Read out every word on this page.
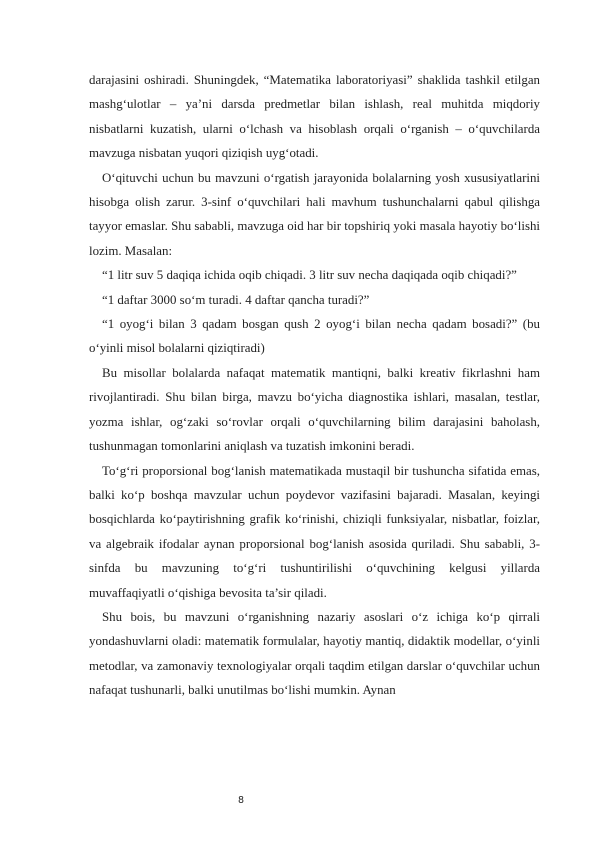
darajasini oshiradi. Shuningdek, “Matematika laboratoriyasi” shaklida tashkil etilgan mashg‘ulotlar – ya’ni darsda predmetlar bilan ishlash, real muhitda miqdoriy nisbatlarni kuzatish, ularni o‘lchash va hisoblash orqali o‘rganish – o‘quvchilarda mavzuga nisbatan yuqori qiziqish uyg‘otadi.

O‘qituvchi uchun bu mavzuni o‘rgatish jarayonida bolalarning yosh xususiyatlarini hisobga olish zarur. 3-sinf o‘quvchilari hali mavhum tushunchalarni qabul qilishga tayyor emaslar. Shu sababli, mavzuga oid har bir topshiriq yoki masala hayotiy bo‘lishi lozim. Masalan:

“1 litr suv 5 daqiqa ichida oqib chiqadi. 3 litr suv necha daqiqada oqib chiqadi?”

“1 daftar 3000 so‘m turadi. 4 daftar qancha turadi?”

“1 oyog‘i bilan 3 qadam bosgan qush 2 oyog‘i bilan necha qadam bosadi?” (bu o‘yinli misol bolalarni qiziqtiradi)

Bu misollar bolalarda nafaqat matematik mantiqni, balki kreativ fikrlashni ham rivojlantiradi. Shu bilan birga, mavzu bo‘yicha diagnostika ishlari, masalan, testlar, yozma ishlar, og‘zaki so‘rovlar orqali o‘quvchilarning bilim darajasini baholash, tushunmagan tomonlarini aniqlash va tuzatish imkonini beradi.

To‘g‘ri proporsional bog‘lanish matematikada mustaqil bir tushuncha sifatida emas, balki ko‘p boshqa mavzular uchun poydevor vazifasini bajaradi. Masalan, keyingi bosqichlarda ko‘paytirishning grafik ko‘rinishi, chiziqli funksiyalar, nisbatlar, foizlar, va algebraik ifodalar aynan proporsional bog‘lanish asosida quriladi. Shu sababli, 3-sinfda bu mavzuning to‘g‘ri tushuntirilishi o‘quvchining kelgusi yillarda muvaffaqiyatli o‘qishiga bevosita ta’sir qiladi.

Shu bois, bu mavzuni o‘rganishning nazariy asoslari o‘z ichiga ko‘p qirrali yondashuvlarni oladi: matematik formulalar, hayotiy mantiq, didaktik modellar, o‘yinli metodlar, va zamonaviy texnologiyalar orqali taqdim etilgan darslar o‘quvchilar uchun nafaqat tushunarli, balki unutilmas bo‘lishi mumkin. Aynan

8
